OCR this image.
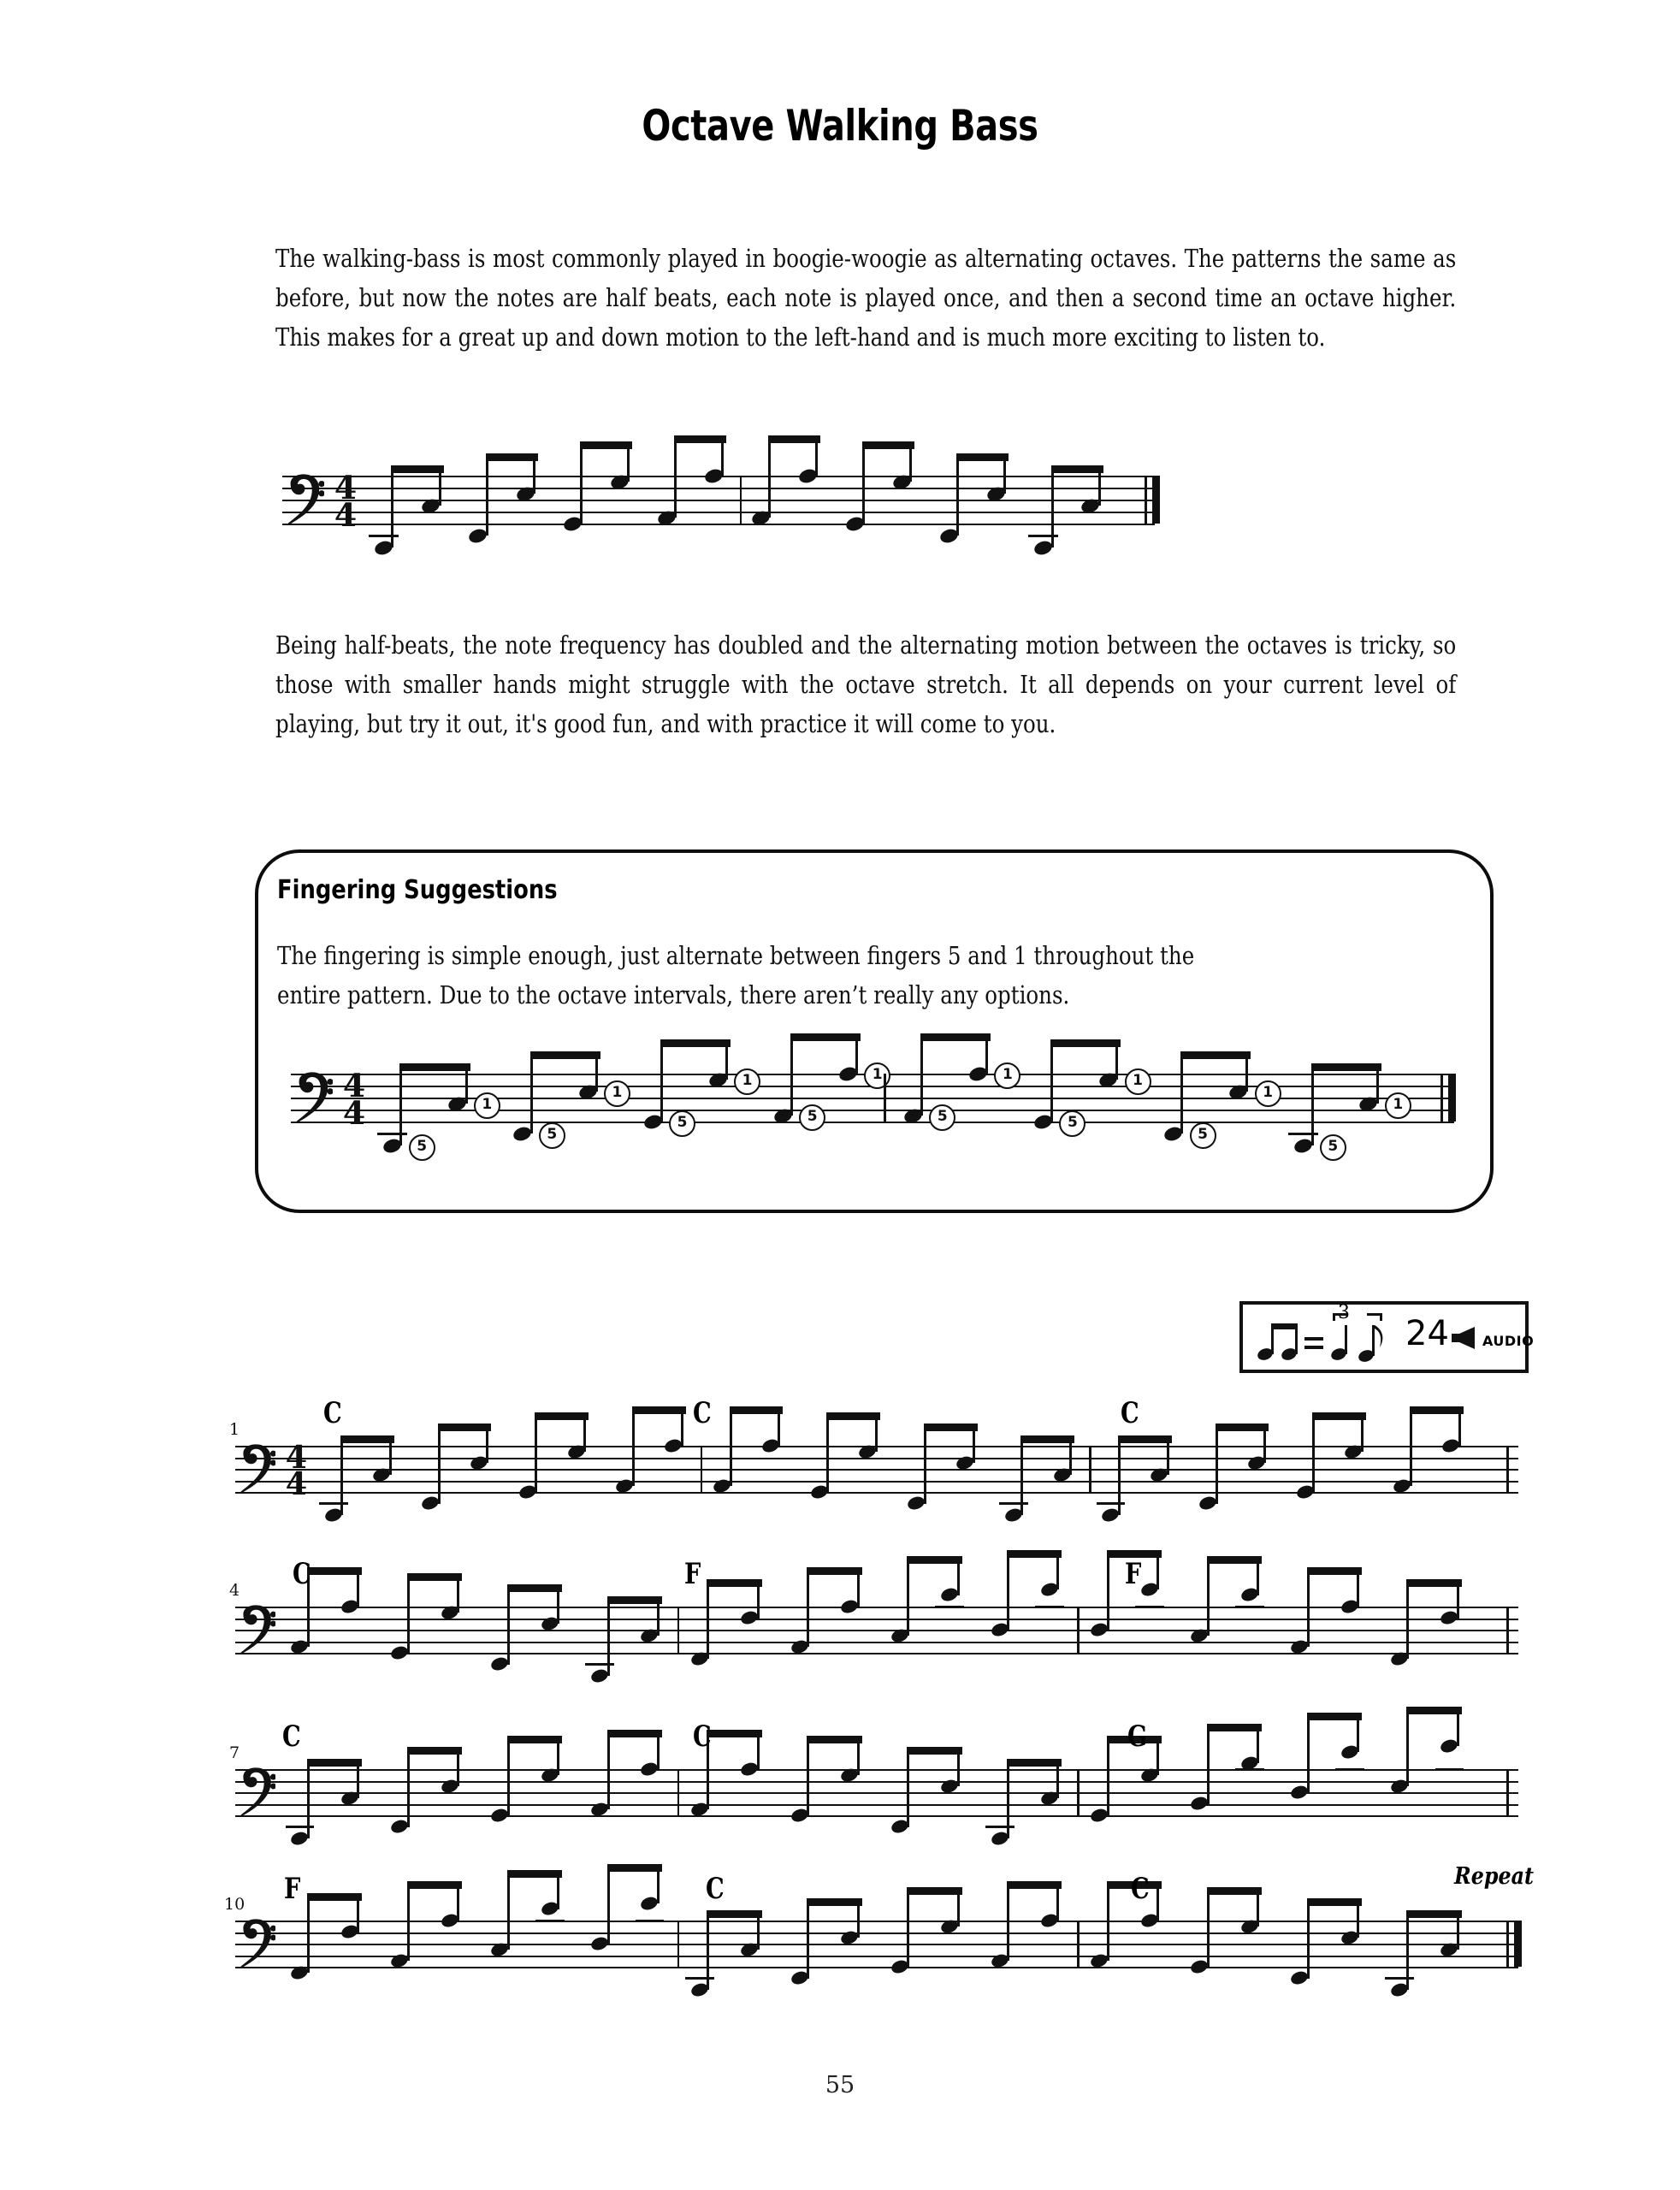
Octave Walking Bass
The walking-bass is most commonly played in boogie-woogie as alternating octaves. The patterns the same as before, but now the notes are half beats, each note is played once, and then a second time an octave higher. This makes for a great up and down motion to the left-hand and is much more exciting to listen to.
4
4
Being half-beats, the note frequency has doubled and the alternating motion between the octaves is tricky, so those with smaller hands might struggle with the octave stretch. It all depends on your current level of playing, but try it out, it's good fun, and with practice it will come to you.
Fingering Suggestions
The fingering is simple enough, just alternate between fingers 5 and 1 throughout the
entire pattern. Due to the octave intervals, there aren’t really any options.
4
4
5
1
5
1
5
1
5
1
5
1
5
1
5
1
5
1
3
24 AUDIO
4
4
1
4
7
10
C	C	C
C	F	F
C	C	G
F	C	C	Repeat
55
